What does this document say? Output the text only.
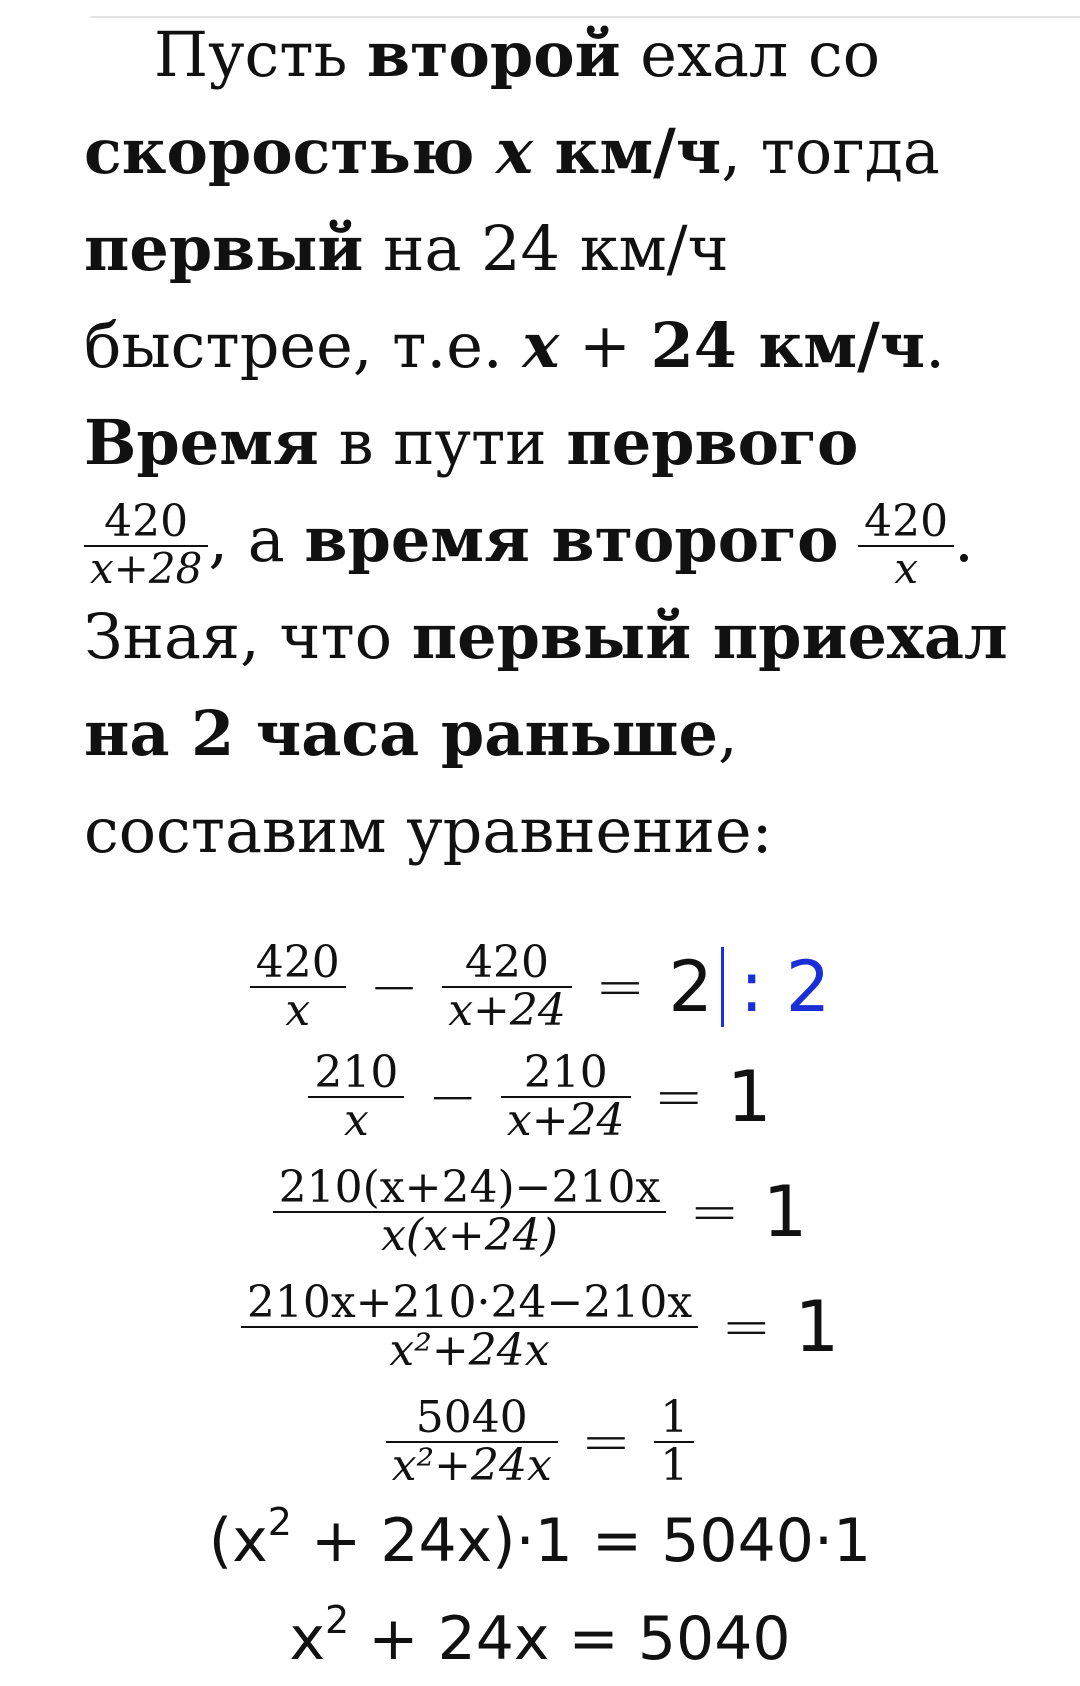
Пусть второй ехал со
скоростью x км/ч, тогда
первый на 24 км/ч
быстрее, т.е. x + 24 км/ч.
Время в пути первого
$\frac{420}{x+28}$ , а время второго $\frac{420}{x}$ .
Зная, что первый приехал
на 2 часа раньше,
составим уравнение:
$\frac{420}{x} - \frac{420}{x+24} = 2$ : 2
$\frac{210}{x} - \frac{210}{x+24} = 1$
$\frac{210(x+24)-210x}{x(x+24)} = 1$
$\frac{210x+210\cdot 24-210x}{\text{x²+24x}} = 1$
$\frac{5040}{\text{x²+24x}} = \frac{1}{1}$
$(x^2 + 24x)\cdot 1 = 5040\cdot 1$
$x^2 + 24x = 5040$
